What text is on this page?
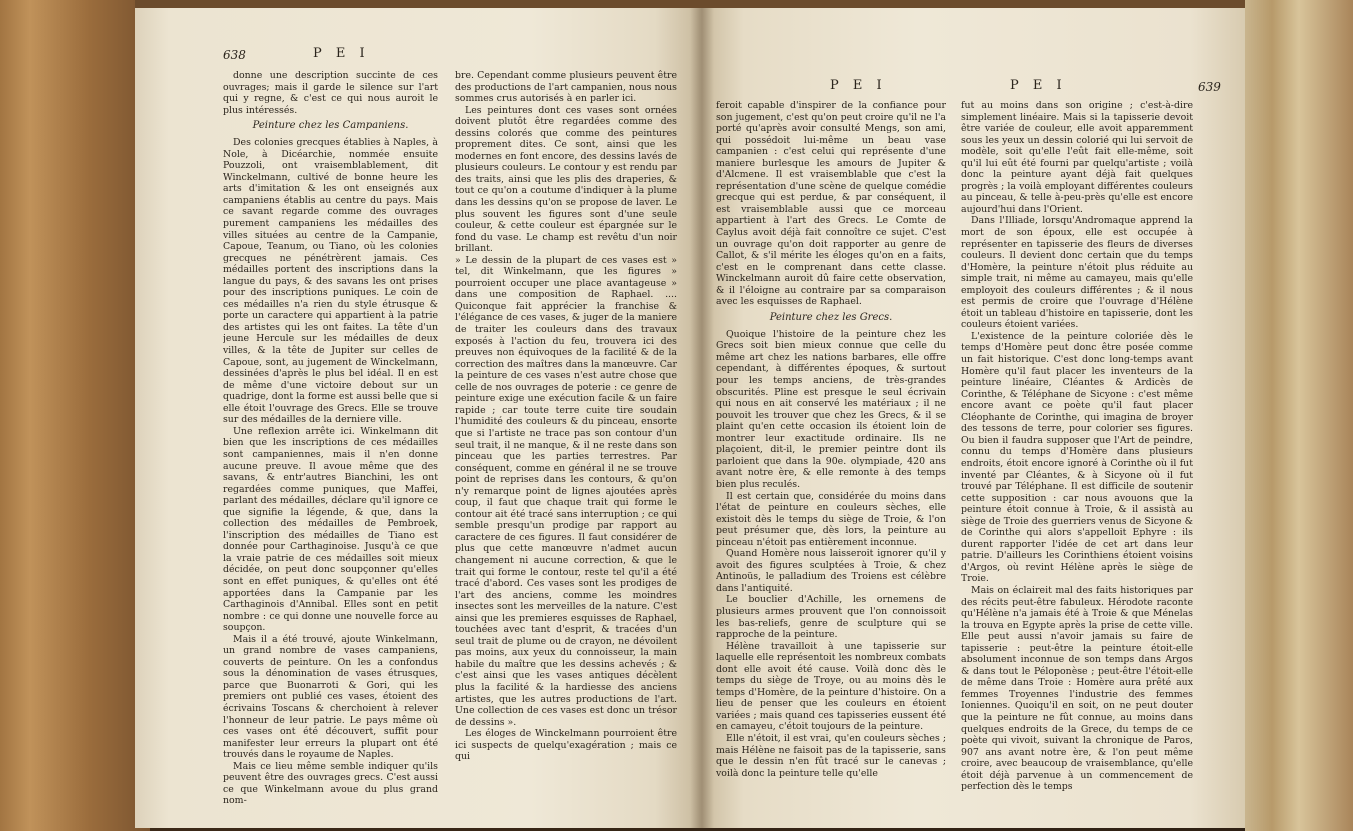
638	P E I

donne une description succinte de ces ouvrages; mais il garde le silence sur l'art qui y regne, & c'est ce qui nous auroit le plus intéressés.

Peinture chez les Campaniens.

Des colonies grecques établies à Naples, à Nole, à Dicéarchie, nommée ensuite Pouzzoli, ont vraisemblablement, dit Winckelmann, cultivé de bonne heure les arts d'imitation & les ont enseignés aux campaniens établis au centre du pays. Mais ce savant regarde comme des ouvrages purement campaniens les médailles des villes situées au centre de la Campanie, Capoue, Teanum, ou Tiano, où les colonies grecques ne pénétrèrent jamais. Ces médailles portent des inscriptions dans la langue du pays, & des savans les ont prises pour des inscriptions puniques. Le coin de ces médailles n'a rien du style étrusque & porte un caractere qui appartient à la patrie des artistes qui les ont faites. La tête d'un jeune Hercule sur les médailles de deux villes, & la tête de Jupiter sur celles de Capoue, sont, au jugement de Winckelmann, dessinées d'après le plus bel idéal. Il en est de même d'une victoire debout sur un quadrige, dont la forme est aussi belle que si elle étoit l'ouvrage des Grecs. Elle se trouve sur des médailles de la derniere ville.

Une reflexion arrête ici. Winkelmann dit bien que les inscriptions de ces médailles sont campaniennes, mais il n'en donne aucune preuve. Il avoue même que des savans, & entr'autres Bianchini, les ont regardées comme puniques, que Maffei, parlant des médailles, déclare qu'il ignore ce que signifie la légende, & que, dans la collection des médailles de Pembroek, l'inscription des médailles de Tiano est donnée pour Carthaginoise. Jusqu'à ce que la vraie patrie de ces médailles soit mieux décidée, on peut donc soupçonner qu'elles sont en effet puniques, & qu'elles ont été apportées dans la Campanie par les Carthaginois d'Annibal. Elles sont en petit nombre : ce qui donne une nouvelle force au soupçon.

Mais il a été trouvé, ajoute Winkelmann, un grand nombre de vases campaniens, couverts de peinture. On les a confondus sous la dénomination de vases étrusques, parce que Buonarroti & Gori, qui les premiers ont publié ces vases, étoient des écrivains Toscans & cherchoient à relever l'honneur de leur patrie. Le pays même où ces vases ont été découvert, suffit pour manifester leur erreurs la plupart ont été trouvés dans le royaume de Naples.

Mais ce lieu même semble indiquer qu'ils peuvent être des ouvrages grecs. C'est aussi ce que Winkelmann avoue du plus grand nom-

bre. Cependant comme plusieurs peuvent être des productions de l'art campanien, nous nous sommes crus autorisés à en parler ici.

Les peintures dont ces vases sont ornées doivent plutôt être regardées comme des dessins colorés que comme des peintures proprement dites. Ce sont, ainsi que les modernes en font encore, des dessins lavés de plusieurs couleurs. Le contour y est rendu par des traits, ainsi que les plis des draperies, & tout ce qu'on a coutume d'indiquer à la plume dans les dessins qu'on se propose de laver. Le plus souvent les figures sont d'une seule couleur, & cette couleur est épargnée sur le fond du vase. Le champ est revêtu d'un noir brillant.

» Le dessin de la plupart de ces vases est » tel, dit Winkelmann, que les figures » pourroient occuper une place avantageuse » dans une composition de Raphael. .... Quiconque fait apprécier la franchise & l'élégance de ces vases, & juger de la maniere de traiter les couleurs dans des travaux exposés à l'action du feu, trouvera ici des preuves non équivoques de la facilité & de la correction des maîtres dans la manœuvre. Car la peinture de ces vases n'est autre chose que celle de nos ouvrages de poterie : ce genre de peinture exige une exécution facile & un faire rapide ; car toute terre cuite tire soudain l'humidité des couleurs & du pinceau, ensorte que si l'artiste ne trace pas son contour d'un seul trait, il ne manque, & il ne reste dans son pinceau que les parties terrestres. Par conséquent, comme en général il ne se trouve point de reprises dans les contours, & qu'on n'y remarque point de lignes ajoutées après coup, il faut que chaque trait qui forme le contour ait été tracé sans interruption ; ce qui semble presqu'un prodige par rapport au caractere de ces figures. Il faut considérer de plus que cette manœuvre n'admet aucun changement ni aucune correction, & que le trait qui forme le contour, reste tel qu'il a été tracé d'abord. Ces vases sont les prodiges de l'art des anciens, comme les moindres insectes sont les merveilles de la nature. C'est ainsi que les premieres esquisses de Raphael, touchées avec tant d'esprit, & tracées d'un seul trait de plume ou de crayon, ne dévoilent pas moins, aux yeux du connoisseur, la main habile du maître que les dessins achevés ; & c'est ainsi que les vases antiques décèlent plus la facilité & la hardiesse des anciens artistes, que les autres productions de l'art. Une collection de ces vases est donc un trésor de dessins ».

Les éloges de Winckelmann pourroient être ici suspects de quelqu'exagération ; mais ce qui

P E I	P E I	639

feroit capable d'inspirer de la confiance pour son jugement, c'est qu'on peut croire qu'il ne l'a porté qu'après avoir consulté Mengs, son ami, qui possédoit lui-même un beau vase campanien : c'est celui qui représente d'une maniere burlesque les amours de Jupiter & d'Alcmene. Il est vraisemblable que c'est la représentation d'une scène de quelque comédie grecque qui est perdue, & par conséquent, il est vraisemblable aussi que ce morceau appartient à l'art des Grecs. Le Comte de Caylus avoit déjà fait connoître ce sujet. C'est un ouvrage qu'on doit rapporter au genre de Callot, & s'il mérite les éloges qu'on en a faits, c'est en le comprenant dans cette classe. Winckelmann auroit dû faire cette observation, & il l'éloigne au contraire par sa comparaison avec les esquisses de Raphael.

Peinture chez les Grecs.

Quoique l'histoire de la peinture chez les Grecs soit bien mieux connue que celle du même art chez les nations barbares, elle offre cependant, à différentes époques, & surtout pour les temps anciens, de très-grandes obscurités. Pline est presque le seul écrivain qui nous en ait conservé les matériaux ; il ne pouvoit les trouver que chez les Grecs, & il se plaint qu'en cette occasion ils étoient loin de montrer leur exactitude ordinaire. Ils ne plaçoient, dit-il, le premier peintre dont ils parloient que dans la 90e. olympiade, 420 ans avant notre ère, & elle remonte à des temps bien plus reculés.

Il est certain que, considérée du moins dans l'état de peinture en couleurs sèches, elle existoit dès le temps du siège de Troie, & l'on peut présumer que, dès lors, la peinture au pinceau n'étoit pas entièrement inconnue.

Quand Homère nous laisseroit ignorer qu'il y avoit des figures sculptées à Troie, & chez Antinoüs, le palladium des Troiens est célèbre dans l'antiquité.

Le bouclier d'Achille, les ornemens de plusieurs armes prouvent que l'on connoissoit les bas-reliefs, genre de sculpture qui se rapproche de la peinture.

Hélène travailloit à une tapisserie sur laquelle elle représentoit les nombreux combats dont elle avoit été cause. Voilà donc dès le temps du siège de Troye, ou au moins dès le temps d'Homère, de la peinture d'histoire. On a lieu de penser que les couleurs en étoient variées ; mais quand ces tapisseries eussent été en camayeu, c'étoit toujours de la peinture.

Elle n'étoit, il est vrai, qu'en couleurs sèches ; mais Hélène ne faisoit pas de la tapisserie, sans que le dessin n'en fût tracé sur le canevas ; voilà donc la peinture telle qu'elle

fut au moins dans son origine ; c'est-à-dire simplement linéaire. Mais si la tapisserie devoit être variée de couleur, elle avoit apparemment sous les yeux un dessin colorié qui lui servoit de modèle, soit qu'elle l'eût fait elle-même, soit qu'il lui eût été fourni par quelqu'artiste ; voilà donc la peinture ayant déjà fait quelques progrès ; la voilà employant différentes couleurs au pinceau, & telle à-peu-près qu'elle est encore aujourd'hui dans l'Orient.

Dans l'Illiade, lorsqu'Andromaque apprend la mort de son époux, elle est occupée à représenter en tapisserie des fleurs de diverses couleurs. Il devient donc certain que du temps d'Homère, la peinture n'étoit plus réduite au simple trait, ni même au camayeu, mais qu'elle employoit des couleurs différentes ; & il nous est permis de croire que l'ouvrage d'Hélène étoit un tableau d'histoire en tapisserie, dont les couleurs étoient variées.

L'existence de la peinture coloriée dès le temps d'Homère peut donc être posée comme un fait historique. C'est donc long-temps avant Homère qu'il faut placer les inventeurs de la peinture linéaire, Cléantes & Ardicès de Corinthe, & Téléphane de Sicyone : c'est même encore avant ce poète qu'il faut placer Cléophante de Corinthe, qui imagina de broyer des tessons de terre, pour colorier ses figures. Ou bien il faudra supposer que l'Art de peindre, connu du temps d'Homère dans plusieurs endroits, étoit encore ignoré à Corinthe où il fut inventé par Cléantes, & à Sicyone où il fut trouvé par Téléphane. Il est difficile de soutenir cette supposition : car nous avouons que la peinture étoit connue à Troie, & il assistà au siège de Troie des guerriers venus de Sicyone & de Corinthe qui alors s'appelloit Ephyre : ils durent rapporter l'idée de cet art dans leur patrie. D'ailleurs les Corinthiens étoient voisins d'Argos, où revint Hélène après le siège de Troie.

Mais on éclaireit mal des faits historiques par des récits peut-être fabuleux. Hérodote raconte qu'Hélène n'a jamais été à Troie & que Ménelas la trouva en Egypte après la prise de cette ville. Elle peut aussi n'avoir jamais su faire de tapisserie : peut-être la peinture étoit-elle absolument inconnue de son temps dans Argos & dans tout le Péloponèse ; peut-être l'étoit-elle de même dans Troie : Homère aura prêté aux femmes Troyennes l'industrie des femmes Ioniennes. Quoiqu'il en soit, on ne peut douter que la peinture ne fût connue, au moins dans quelques endroits de la Grece, du temps de ce poète qui vivoit, suivant la chronique de Paros, 907 ans avant notre ère, & l'on peut même croire, avec beaucoup de vraisemblance, qu'elle étoit déjà parvenue à un commencement de perfection dès le temps
